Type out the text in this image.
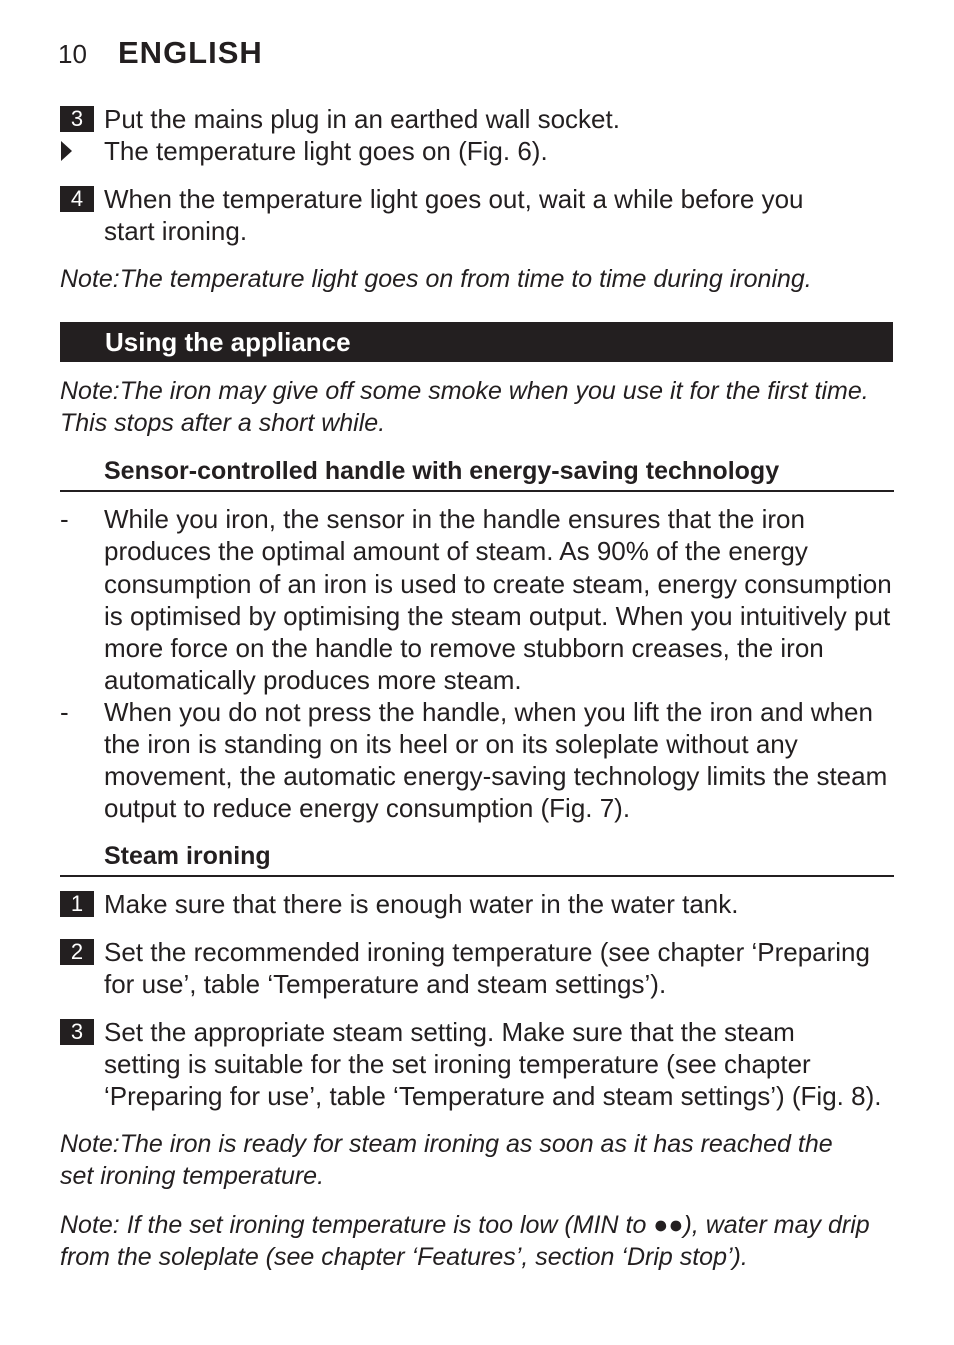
10 ENGLISH
3 Put the mains plug in an earthed wall socket.
The temperature light goes on (Fig. 6).
4 When the temperature light goes out, wait a while before you
start ironing.
Note:The temperature light goes on from time to time during ironing.
Using the appliance
Note:The iron may give off some smoke when you use it for the first time.
This stops after a short while.
Sensor-controlled handle with energy-saving technology
- While you iron, the sensor in the handle ensures that the iron
produces the optimal amount of steam. As 90% of the energy
consumption of an iron is used to create steam, energy consumption
is optimised by optimising the steam output. When you intuitively put
more force on the handle to remove stubborn creases, the iron
automatically produces more steam.
- When you do not press the handle, when you lift the iron and when
the iron is standing on its heel or on its soleplate without any
movement, the automatic energy-saving technology limits the steam
output to reduce energy consumption (Fig. 7).
Steam ironing
1 Make sure that there is enough water in the water tank.
2 Set the recommended ironing temperature (see chapter ‘Preparing
for use’, table ‘Temperature and steam settings’).
3 Set the appropriate steam setting. Make sure that the steam
setting is suitable for the set ironing temperature (see chapter
‘Preparing for use’, table ‘Temperature and steam settings’) (Fig. 8).
Note:The iron is ready for steam ironing as soon as it has reached the
set ironing temperature.
Note: If the set ironing temperature is too low (MIN to ●●), water may drip
from the soleplate (see chapter ‘Features’, section ‘Drip stop’).
